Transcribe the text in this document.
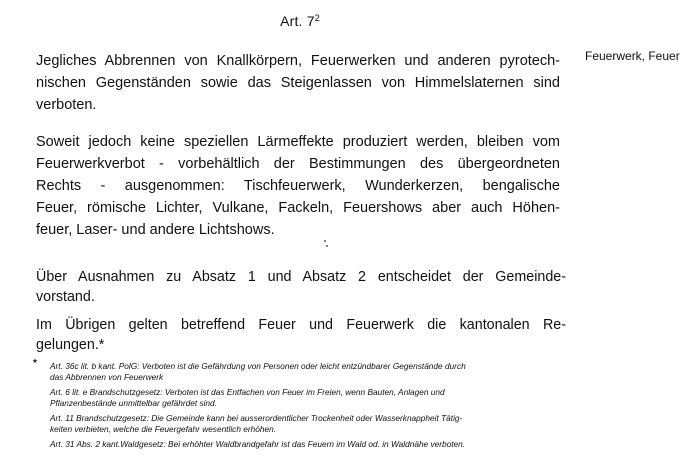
Art. $7^2$
Feuerwerk, Feuer
Jegliches Abbrennen von Knallkörpern, Feuerwerken und anderen pyrotech-
nischen Gegenständen sowie das Steigenlassen von Himmelslaternen sind
verboten.
Soweit jedoch keine speziellen Lärmeffekte produziert werden, bleiben vom
Feuerwerkverbot - vorbehältlich der Bestimmungen des übergeordneten
Rechts - ausgenommen: Tischfeuerwerk, Wunderkerzen, bengalische
Feuer, römische Lichter, Vulkane, Fackeln, Feuershows aber auch Höhen-
feuer, Laser- und andere Lichtshows.
Über Ausnahmen zu Absatz 1 und Absatz 2 entscheidet der Gemeinde-
vorstand.
Im Übrigen gelten betreffend Feuer und Feuerwerk die kantonalen Re-
gelungen.*
* Art. 36c lit. b kant. PolG: Verboten ist die Gefährdung von Personen oder leicht entzündbarer Gegenstände durch
das Abbrennen von Feuerwerk
Art. 6 lit. e Brandschutzgesetz: Verboten ist das Entfachen von Feuer im Freien, wenn Bauten, Anlagen und
Pflanzenbestände unmittelbar gefährdet sind.
Art. 11 Brandschutzgesetz: Die Gemeinde kann bei ausserordentlicher Trockenheit oder Wasserknappheit Tätig-
keiten verbieten, welche die Feuergefahr wesentlich erhöhen.
Art. 31 Abs. 2 kant.Waldgesetz: Bei erhöhter Waldbrandgefahr ist das Feuern im Wald od. in Waldnähe verboten.
